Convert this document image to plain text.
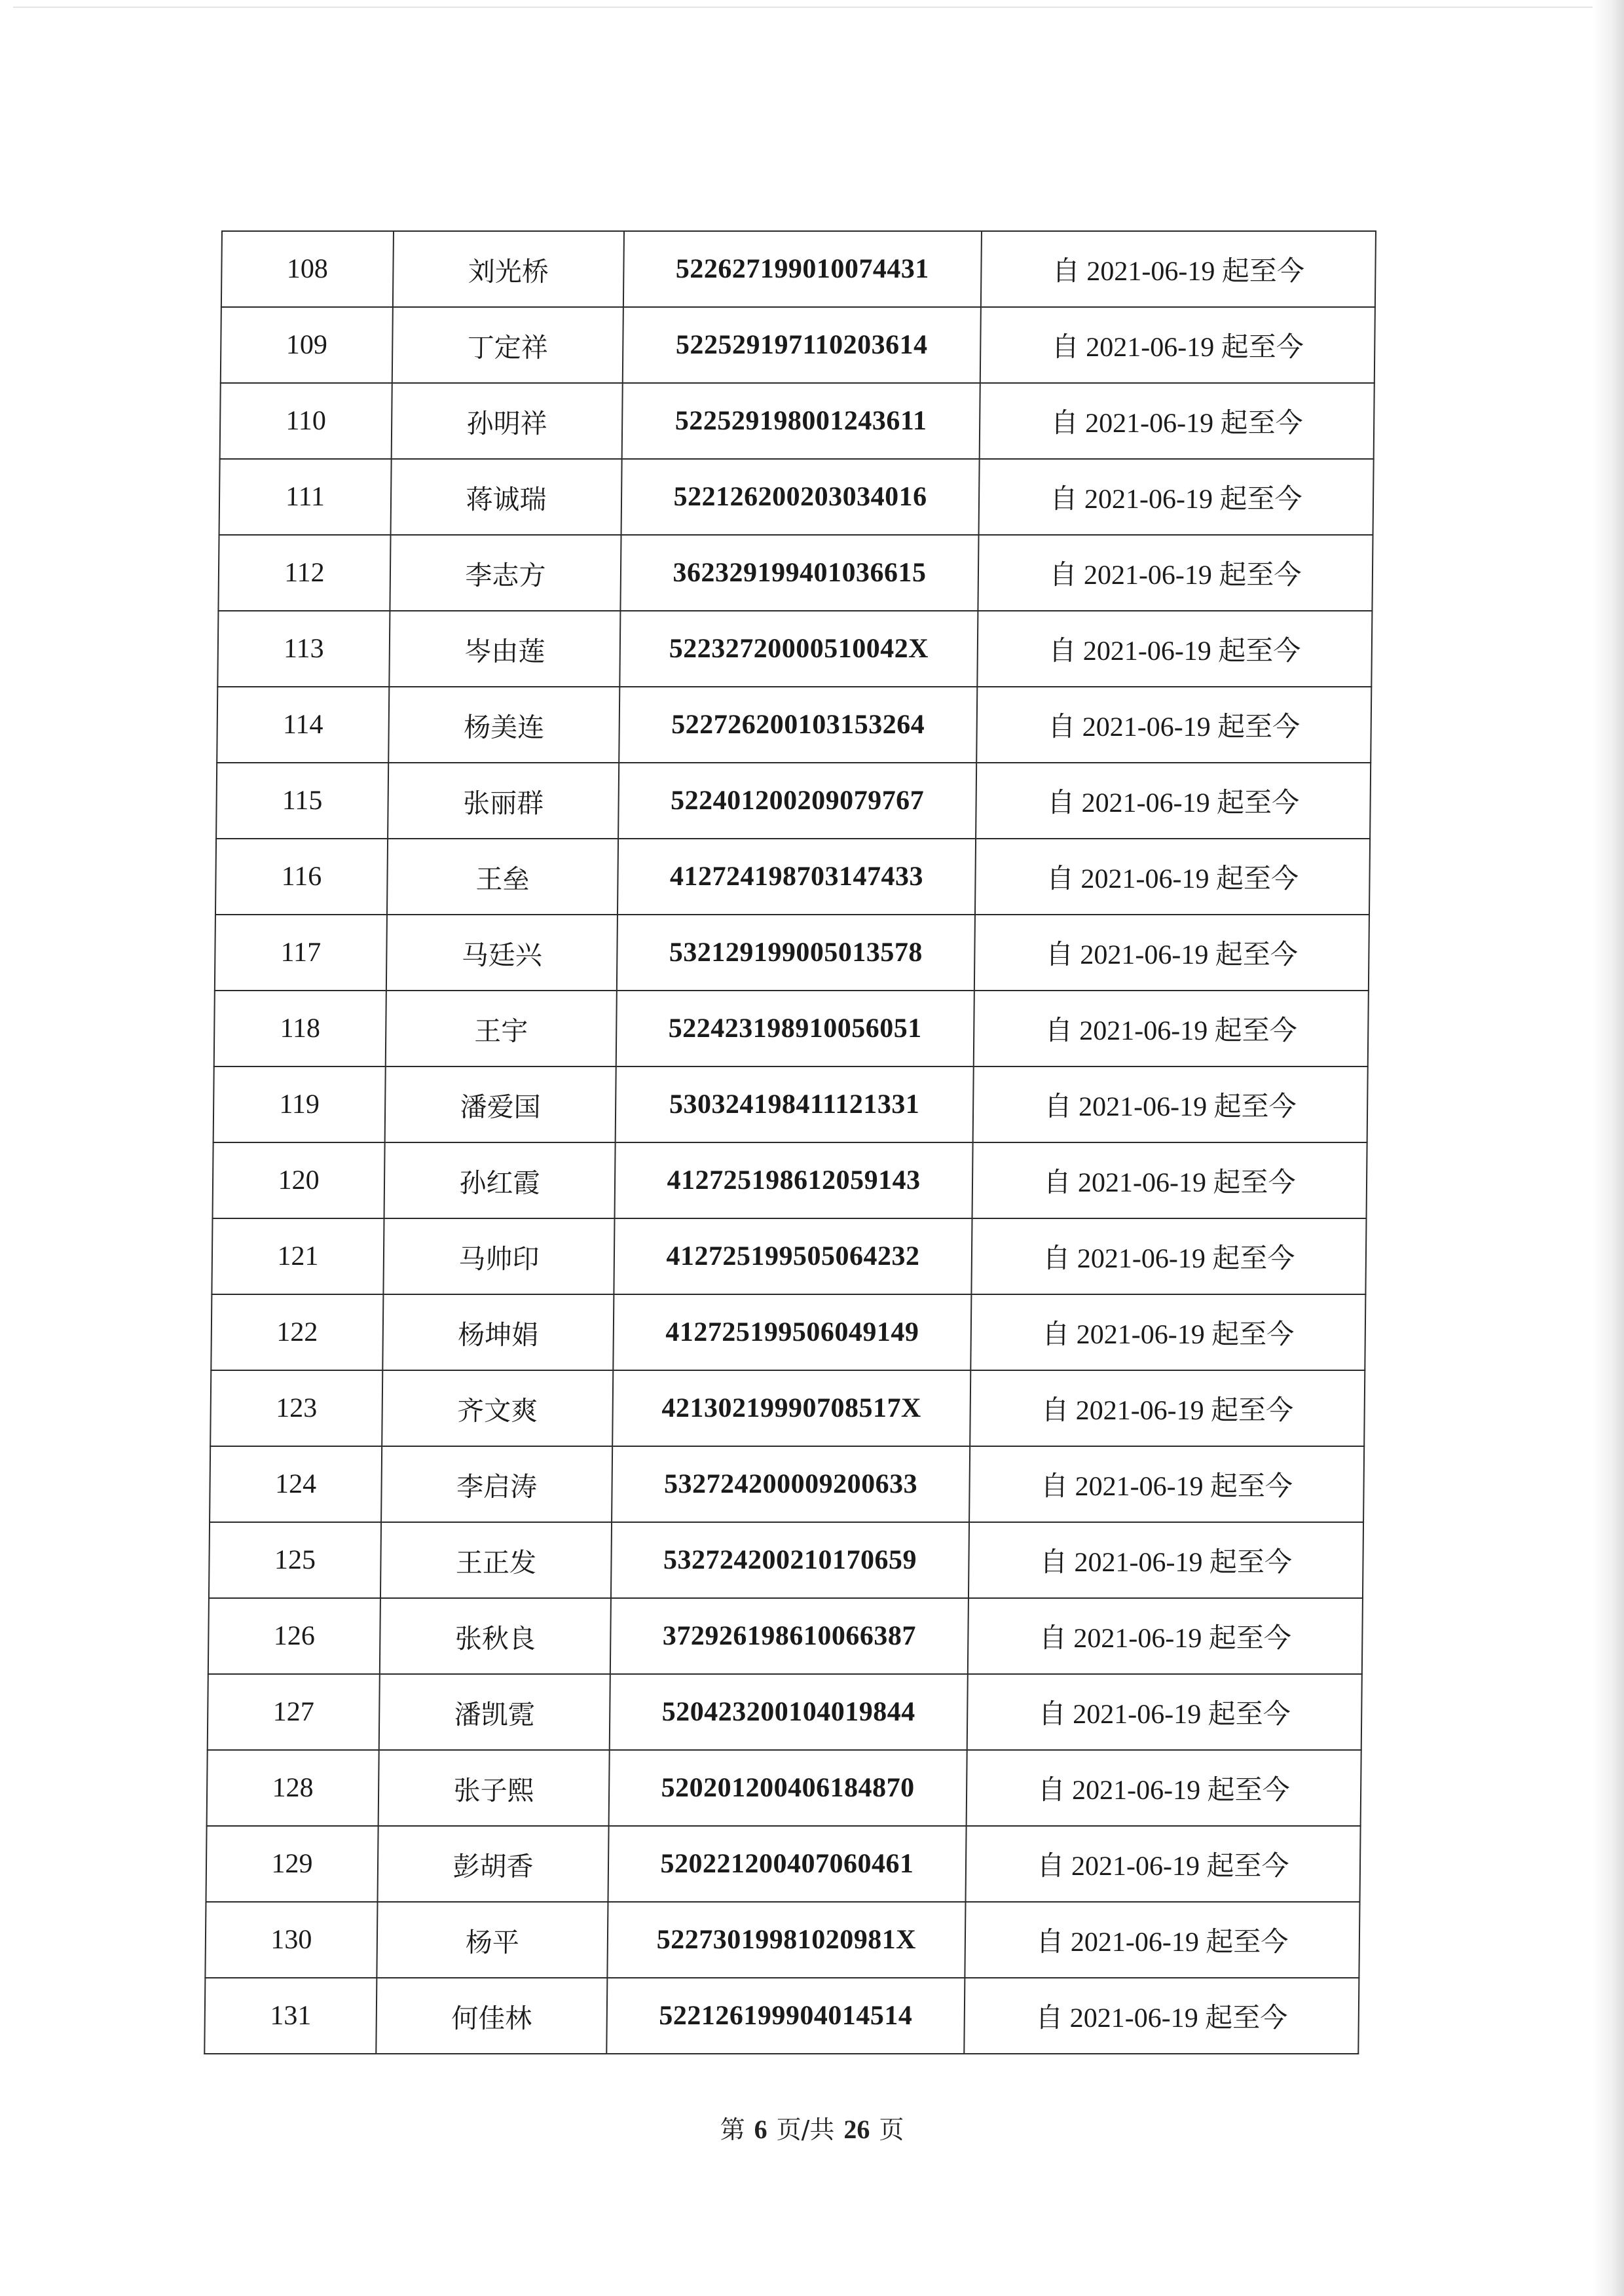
108	刘光桥	522627199010074431	自 2021-06-19 起至今
109	丁定祥	522529197110203614	自 2021-06-19 起至今
110	孙明祥	522529198001243611	自 2021-06-19 起至今
111	蒋诚瑞	522126200203034016	自 2021-06-19 起至今
112	李志方	362329199401036615	自 2021-06-19 起至今
113	岑由莲	52232720000510042X	自 2021-06-19 起至今
114	杨美连	522726200103153264	自 2021-06-19 起至今
115	张丽群	522401200209079767	自 2021-06-19 起至今
116	王垒	412724198703147433	自 2021-06-19 起至今
117	马廷兴	532129199005013578	自 2021-06-19 起至今
118	王宇	522423198910056051	自 2021-06-19 起至今
119	潘爱国	530324198411121331	自 2021-06-19 起至今
120	孙红霞	412725198612059143	自 2021-06-19 起至今
121	马帅印	412725199505064232	自 2021-06-19 起至今
122	杨坤娟	412725199506049149	自 2021-06-19 起至今
123	齐文爽	42130219990708517X	自 2021-06-19 起至今
124	李启涛	532724200009200633	自 2021-06-19 起至今
125	王正发	532724200210170659	自 2021-06-19 起至今
126	张秋良	372926198610066387	自 2021-06-19 起至今
127	潘凯霓	520423200104019844	自 2021-06-19 起至今
128	张子熙	520201200406184870	自 2021-06-19 起至今
129	彭胡香	520221200407060461	自 2021-06-19 起至今
130	杨平	52273019981020981X	自 2021-06-19 起至今
131	何佳林	522126199904014514	自 2021-06-19 起至今
第 6 页/共 26 页
